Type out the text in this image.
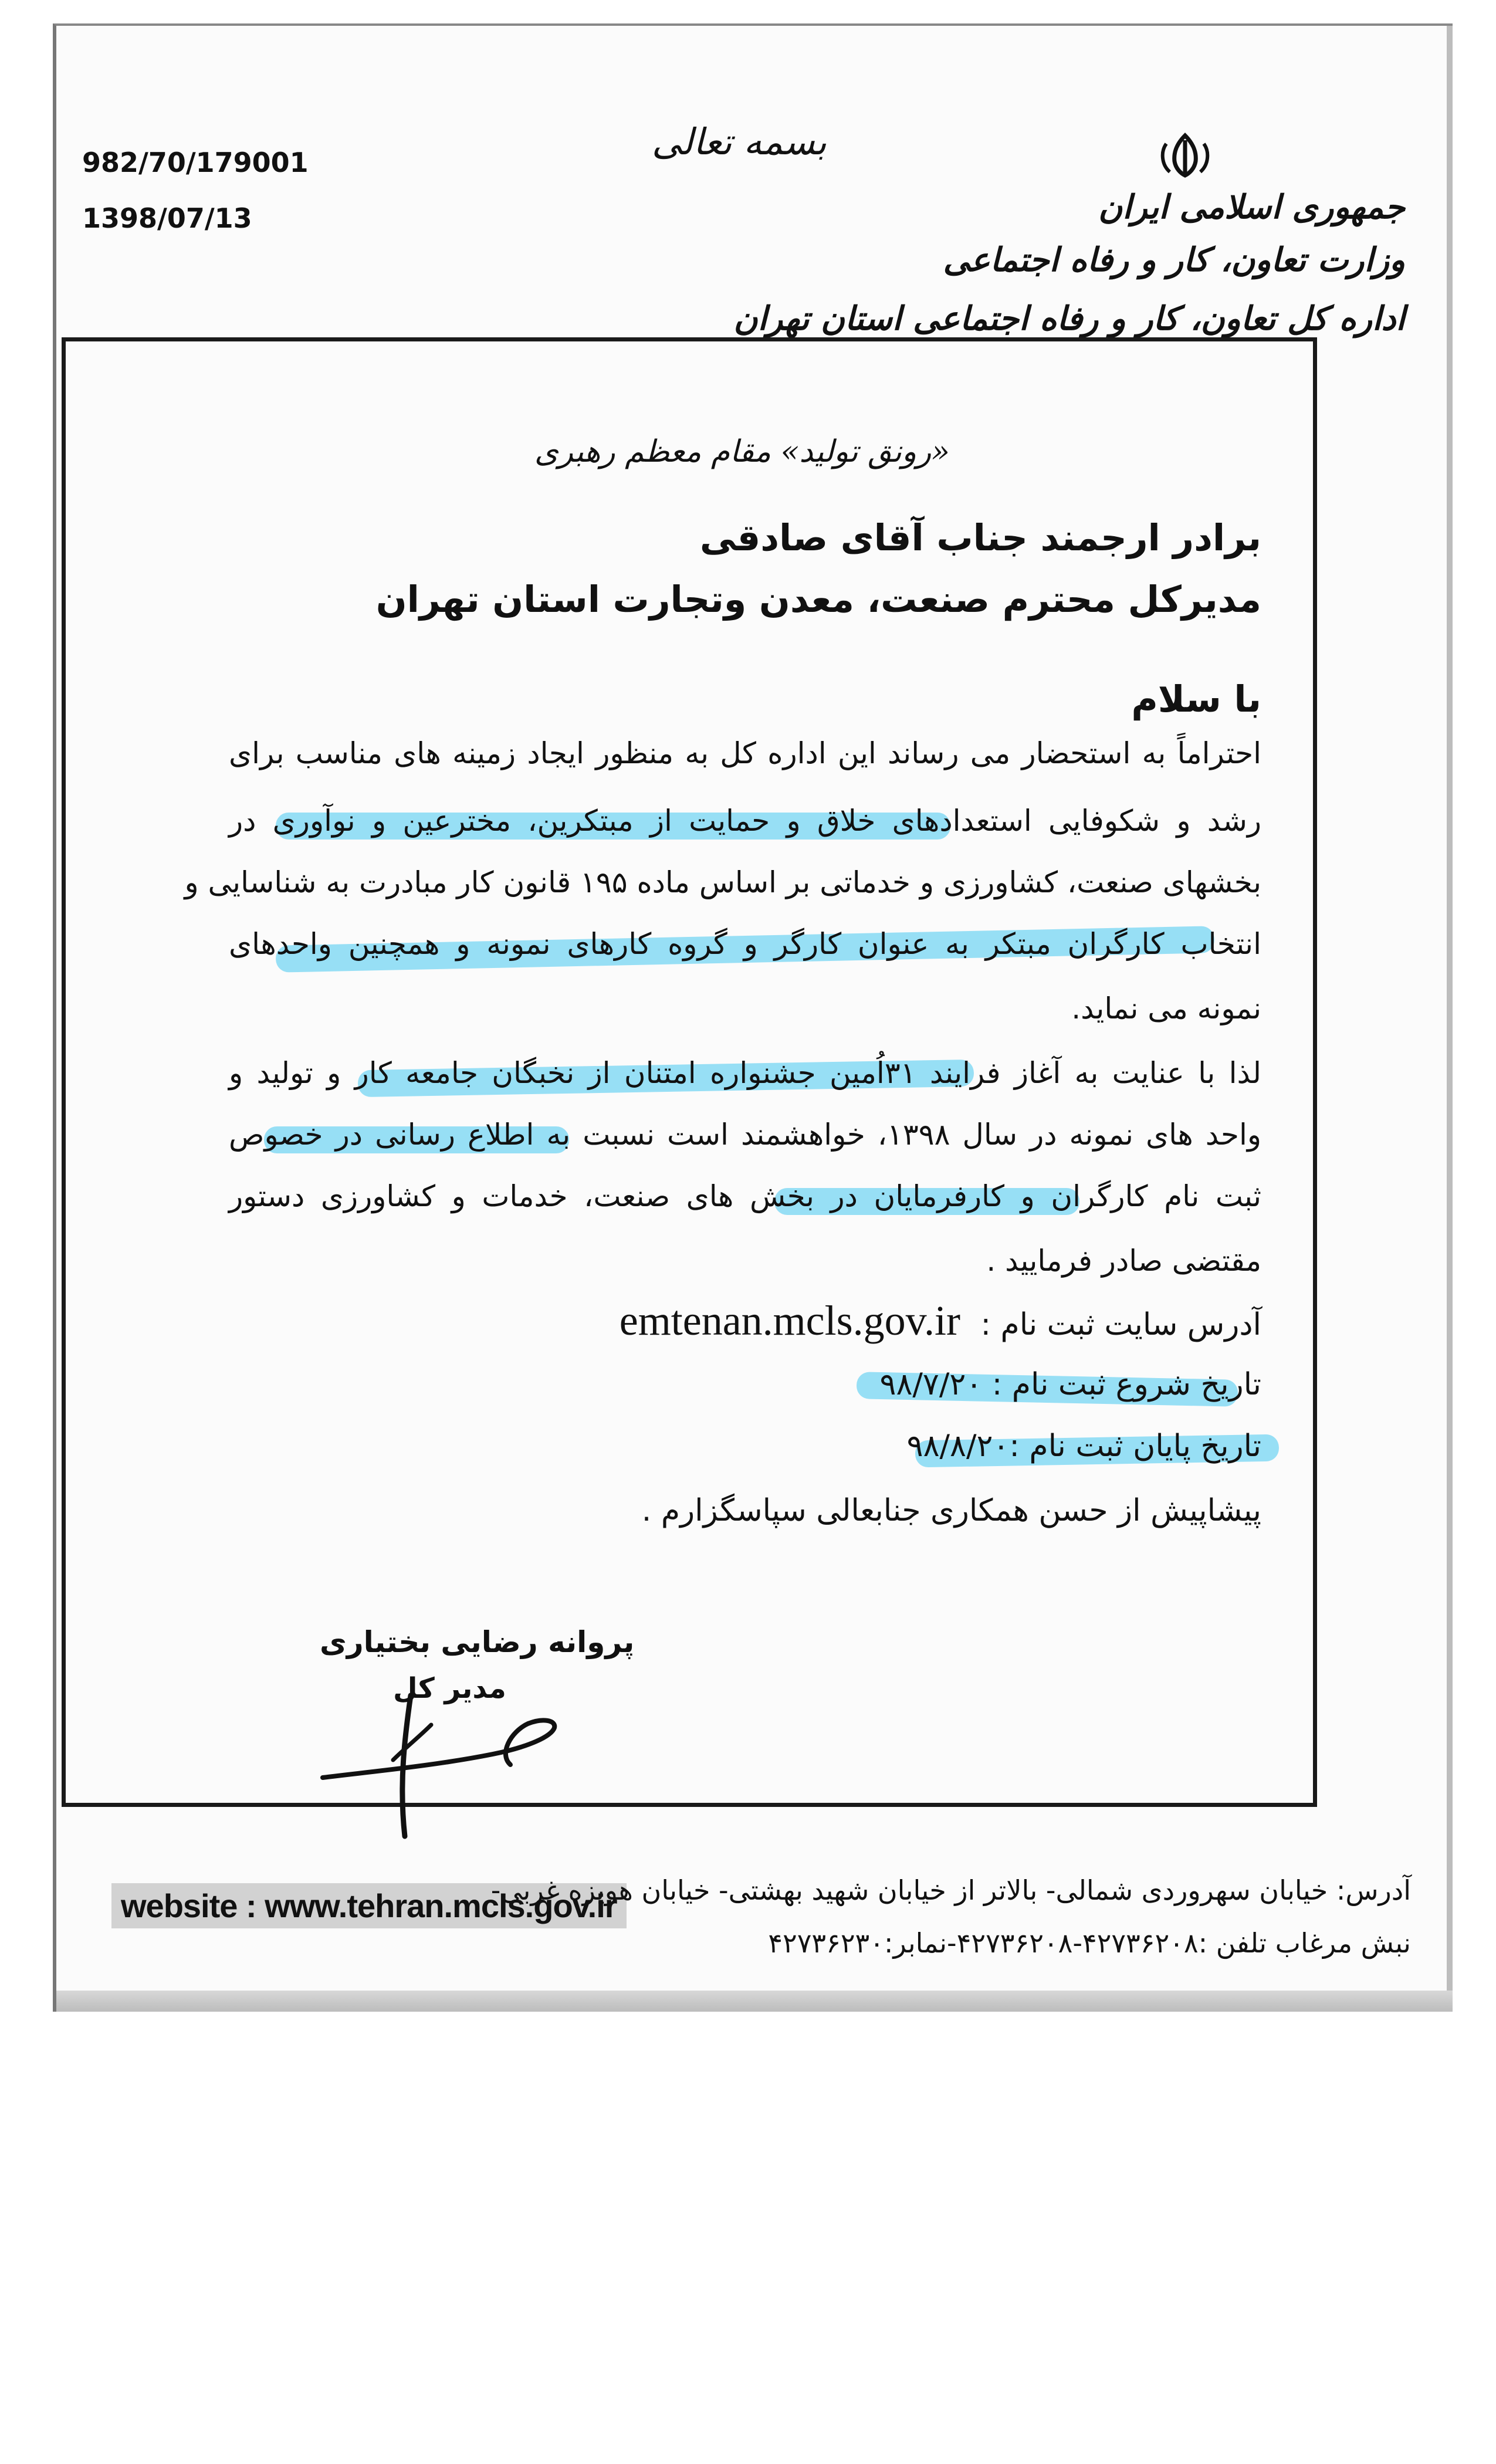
982/70/179001
1398/07/13
بسمه تعالی
جمهوری اسلامی ایران
وزارت تعاون، کار و رفاه اجتماعی
اداره کل تعاون، کار و رفاه اجتماعی استان تهران
«رونق تولید» مقام معظم رهبری
برادر ارجمند جناب آقای صادقی
مدیرکل محترم صنعت، معدن وتجارت استان تهران
با سلام
احتراماً به استحضار می رساند این اداره کل به منظور ایجاد زمینه های مناسب برای
رشد و شکوفایی استعدادهای خلاق و حمایت از مبتکرین، مخترعین و نوآوری در
بخشهای صنعت، کشاورزی و خدماتی بر اساس ماده ۱۹۵ قانون کار مبادرت به شناسایی و
انتخاب کارگران مبتکر به عنوان کارگر و گروه کارهای نمونه و همچنین واحدهای
نمونه می نماید.
لذا با عنایت به آغاز فرایند ۳۱اُمین جشنواره امتنان از نخبگان جامعه کار و تولید و
واحد های نمونه در سال ۱۳۹۸، خواهشمند است نسبت به اطلاع رسانی در خصوص
ثبت نام کارگران و کارفرمایان در بخش های صنعت، خدمات و کشاورزی دستور
مقتضی صادر فرمایید .
آدرس سایت ثبت نام : emtenan.mcls.gov.ir
تاریخ شروع ثبت نام : ۹۸/۷/۲۰
تاریخ پایان ثبت نام :۹۸/۸/۲۰
پیشاپیش از حسن همکاری جنابعالی سپاسگزارم .
پروانه رضایی بختیاری
مدیر کل
website : www.tehran.mcls.gov.ir
آدرس: خیابان سهروردی شمالی- بالاتر از خیابان شهید بهشتی- خیابان هویزه غربی-
نبش مرغاب تلفن :۴۲۷۳۶۲۰۸-۴۲۷۳۶۲۰۸-نمابر:۴۲۷۳۶۲۳۰
